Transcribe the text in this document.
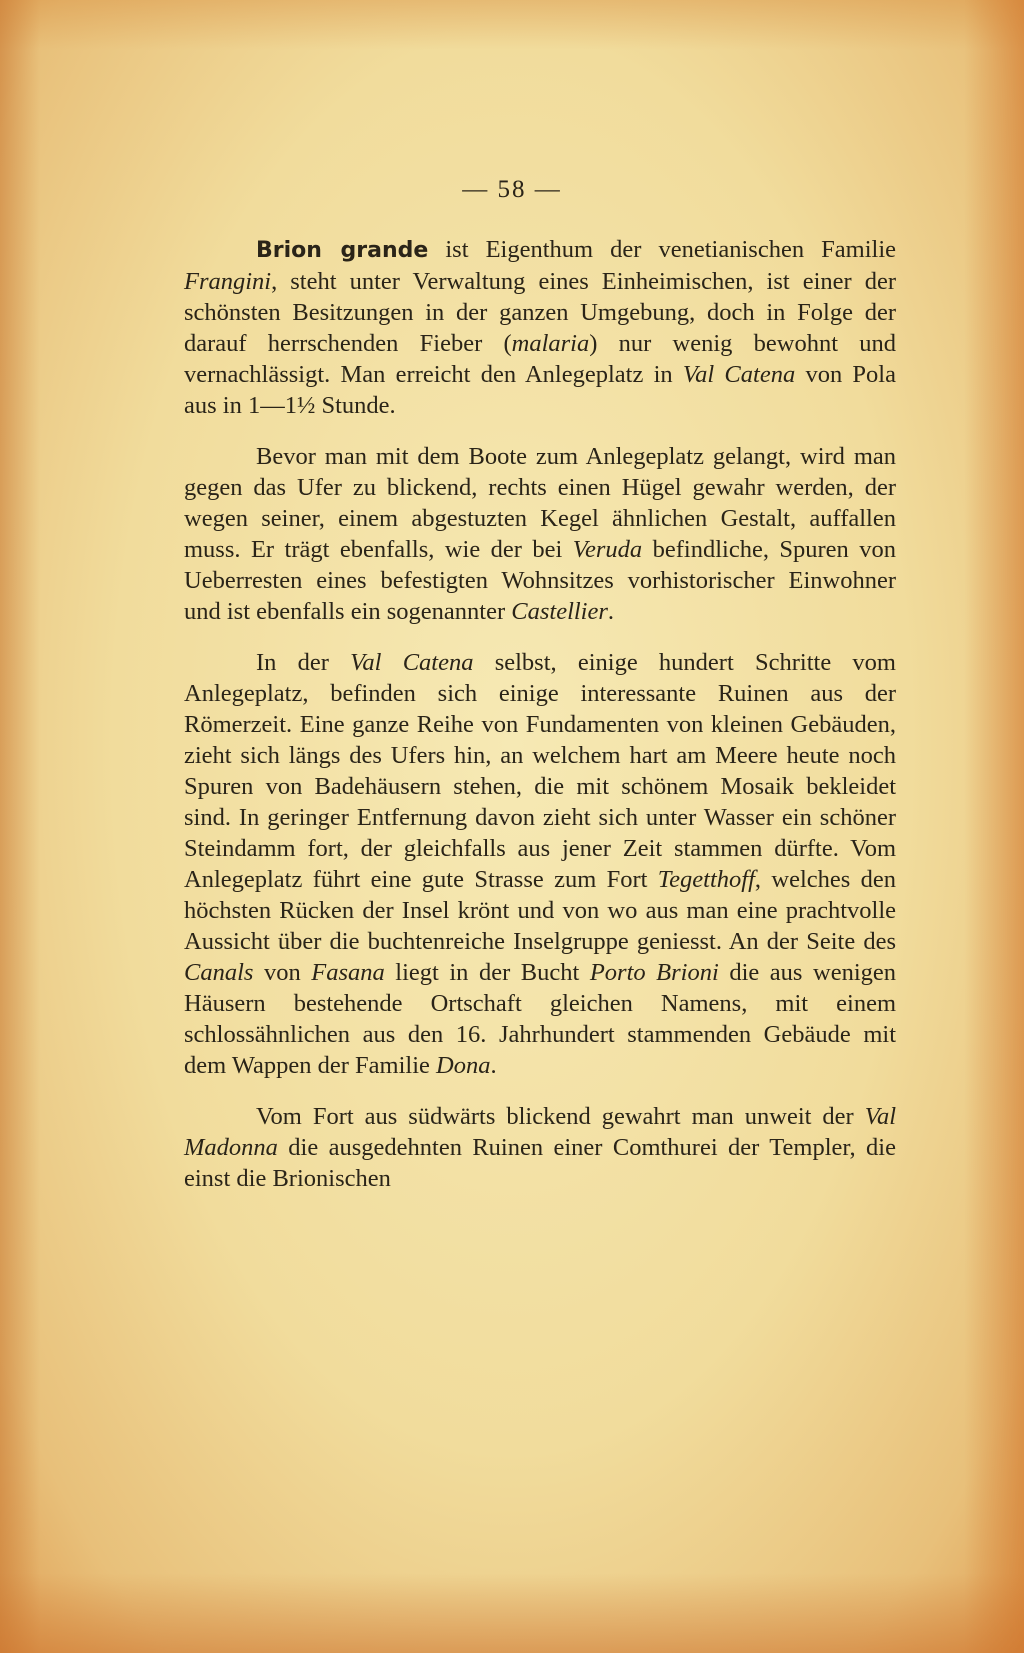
— 58 —

Brion grande ist Eigenthum der venetianischen Familie Frangini, steht unter Verwaltung eines Einheimischen, ist einer der schönsten Besitzungen in der ganzen Umgebung, doch in Folge der darauf herrschenden Fieber (malaria) nur wenig bewohnt und vernachlässigt. Man erreicht den Anlegeplatz in Val Catena von Pola aus in 1—1½ Stunde.

Bevor man mit dem Boote zum Anlegeplatz gelangt, wird man gegen das Ufer zu blickend, rechts einen Hügel gewahr werden, der wegen seiner, einem abgestuzten Kegel ähnlichen Gestalt, auffallen muss. Er trägt ebenfalls, wie der bei Veruda befindliche, Spuren von Ueberresten eines befestigten Wohnsitzes vorhistorischer Einwohner und ist ebenfalls ein sogenannter Castellier.

In der Val Catena selbst, einige hundert Schritte vom Anlegeplatz, befinden sich einige interessante Ruinen aus der Römerzeit. Eine ganze Reihe von Fundamenten von kleinen Gebäuden, zieht sich längs des Ufers hin, an welchem hart am Meere heute noch Spuren von Badehäusern stehen, die mit schönem Mosaik bekleidet sind. In geringer Entfernung davon zieht sich unter Wasser ein schöner Steindamm fort, der gleichfalls aus jener Zeit stammen dürfte. Vom Anlegeplatz führt eine gute Strasse zum Fort Tegetthoff, welches den höchsten Rücken der Insel krönt und von wo aus man eine prachtvolle Aussicht über die buchtenreiche Inselgruppe geniesst. An der Seite des Canals von Fasana liegt in der Bucht Porto Brioni die aus wenigen Häusern bestehende Ortschaft gleichen Namens, mit einem schlossähnlichen aus den 16. Jahrhundert stammenden Gebäude mit dem Wappen der Familie Dona.

Vom Fort aus südwärts blickend gewahrt man unweit der Val Madonna die ausgedehnten Ruinen einer Comthurei der Templer, die einst die Brionischen
